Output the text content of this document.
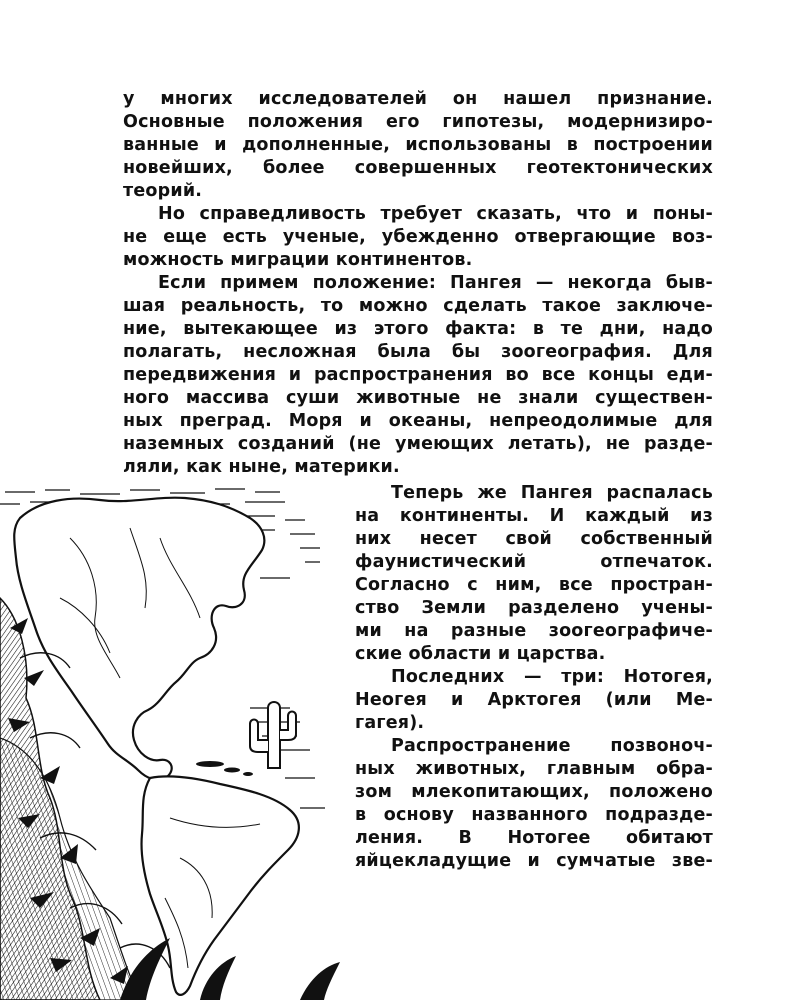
у многих исследователей он нашел признание.
Основные положения его гипотезы, модернизиро-
ванные и дополненные, использованы в построении
новейших, более совершенных геотектонических
теорий.
Но справедливость требует сказать, что и поны-
не еще есть ученые, убежденно отвергающие воз-
можность миграции континентов.
Если примем положение: Пангея — некогда быв-
шая реальность, то можно сделать такое заключе-
ние, вытекающее из этого факта: в те дни, надо
полагать, несложная была бы зоогеография. Для
передвижения и распространения во все концы еди-
ного массива суши животные не знали существен-
ных преград. Моря и океаны, непреодолимые для
наземных созданий (не умеющих летать), не разде-
ляли, как ныне, материки.
Теперь же Пангея распалась
на континенты. И каждый из
них несет свой собственный
фаунистический отпечаток.
Согласно с ним, все простран-
ство Земли разделено учены-
ми на разные зоогеографиче-
ские области и царства.
Последних — три: Нотогея,
Неогея и Арктогея (или Ме-
гагея).
Распространение позвоноч-
ных животных, главным обра-
зом млекопитающих, положено
в основу названного подразде-
ления. В Нотогее обитают
яйцекладущие и сумчатые зве-
